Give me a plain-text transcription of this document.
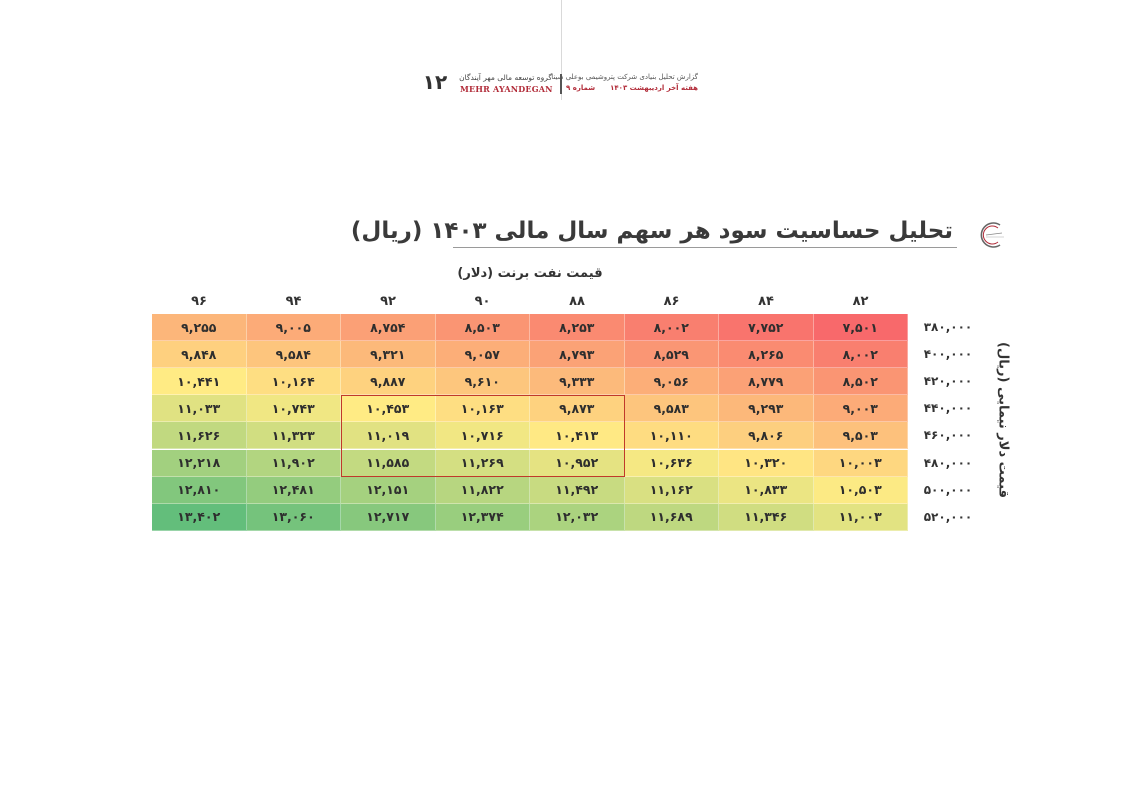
۱۲	گروه توسعه مالی مهر آیندگان
MEHR AYANDEGAN
گزارش تحلیل بنیادی شرکت پتروشیمی بوعلی سینا
هفته آخر اردیبهشت ۱۴۰۳
شماره ۹
تحلیل حساسیت سود هر سهم سال مالی ۱۴۰۳ (ریال)
قیمت نفت برنت (دلار)
۸۲
۸۴
۸۶
۸۸
۹۰
۹۲
۹۴
۹۶
۳۸۰,۰۰۰
۴۰۰,۰۰۰
۴۲۰,۰۰۰
۴۴۰,۰۰۰
۴۶۰,۰۰۰
۴۸۰,۰۰۰
۵۰۰,۰۰۰
۵۲۰,۰۰۰
۷,۵۰۱
۷,۷۵۲
۸,۰۰۲
۸,۲۵۳
۸,۵۰۳
۸,۷۵۴
۹,۰۰۵
۹,۲۵۵
۸,۰۰۲
۸,۲۶۵
۸,۵۲۹
۸,۷۹۳
۹,۰۵۷
۹,۳۲۱
۹,۵۸۴
۹,۸۴۸
۸,۵۰۲
۸,۷۷۹
۹,۰۵۶
۹,۳۳۳
۹,۶۱۰
۹,۸۸۷
۱۰,۱۶۴
۱۰,۴۴۱
۹,۰۰۳
۹,۲۹۳
۹,۵۸۳
۹,۸۷۳
۱۰,۱۶۳
۱۰,۴۵۳
۱۰,۷۴۳
۱۱,۰۳۳
۹,۵۰۳
۹,۸۰۶
۱۰,۱۱۰
۱۰,۴۱۳
۱۰,۷۱۶
۱۱,۰۱۹
۱۱,۳۲۳
۱۱,۶۲۶
۱۰,۰۰۳
۱۰,۳۲۰
۱۰,۶۳۶
۱۰,۹۵۲
۱۱,۲۶۹
۱۱,۵۸۵
۱۱,۹۰۲
۱۲,۲۱۸
۱۰,۵۰۳
۱۰,۸۳۳
۱۱,۱۶۲
۱۱,۴۹۲
۱۱,۸۲۲
۱۲,۱۵۱
۱۲,۴۸۱
۱۲,۸۱۰
۱۱,۰۰۳
۱۱,۳۴۶
۱۱,۶۸۹
۱۲,۰۳۲
۱۲,۳۷۴
۱۲,۷۱۷
۱۳,۰۶۰
۱۳,۴۰۲
قیمت دلار نیمایی (ریال)
